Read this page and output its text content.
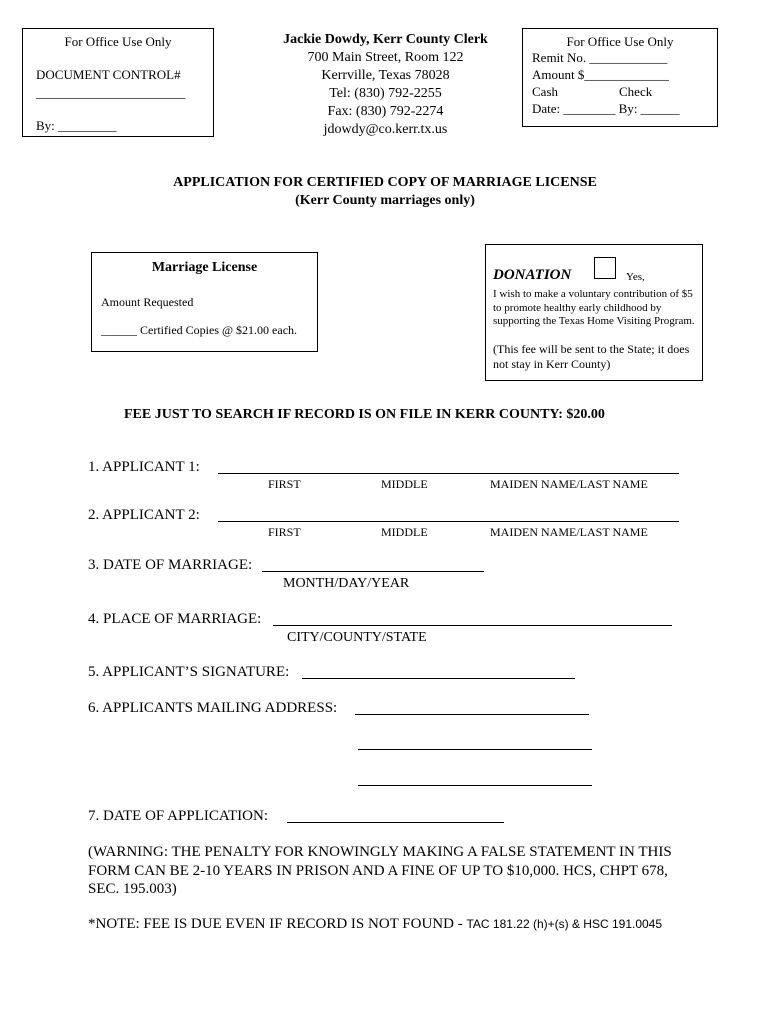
For Office Use Only
DOCUMENT CONTROL#
_______________________
By: _________
Jackie Dowdy, Kerr County Clerk
700 Main Street, Room 122
Kerrville, Texas 78028
Tel: (830) 792-2255
Fax: (830) 792-2274
jdowdy@co.kerr.tx.us
For Office Use Only
Remit No. ____________
Amount $_____________
Cash	Check
Date: ________ By: ______
APPLICATION FOR CERTIFIED COPY OF MARRIAGE LICENSE
(Kerr County marriages only)
Marriage License
Amount Requested
______ Certified Copies @ $21.00 each.
DONATION	Yes,
I wish to make a voluntary contribution of $5 to promote healthy early childhood by supporting the Texas Home Visiting Program.
(This fee will be sent to the State; it does not stay in Kerr County)
FEE JUST TO SEARCH IF RECORD IS ON FILE IN KERR COUNTY: $20.00
1. APPLICANT 1:
FIRST	MIDDLE	MAIDEN NAME/LAST NAME
2. APPLICANT 2:
FIRST	MIDDLE	MAIDEN NAME/LAST NAME
3. DATE OF MARRIAGE:
MONTH/DAY/YEAR
4. PLACE OF MARRIAGE:
CITY/COUNTY/STATE
5. APPLICANT’S SIGNATURE:
6. APPLICANTS MAILING ADDRESS:
7. DATE OF APPLICATION:
(WARNING: THE PENALTY FOR KNOWINGLY MAKING A FALSE STATEMENT IN THIS FORM CAN BE 2-10 YEARS IN PRISON AND A FINE OF UP TO $10,000. HCS, CHPT 678, SEC. 195.003)
*NOTE: FEE IS DUE EVEN IF RECORD IS NOT FOUND - TAC 181.22 (h)+(s) & HSC 191.0045
